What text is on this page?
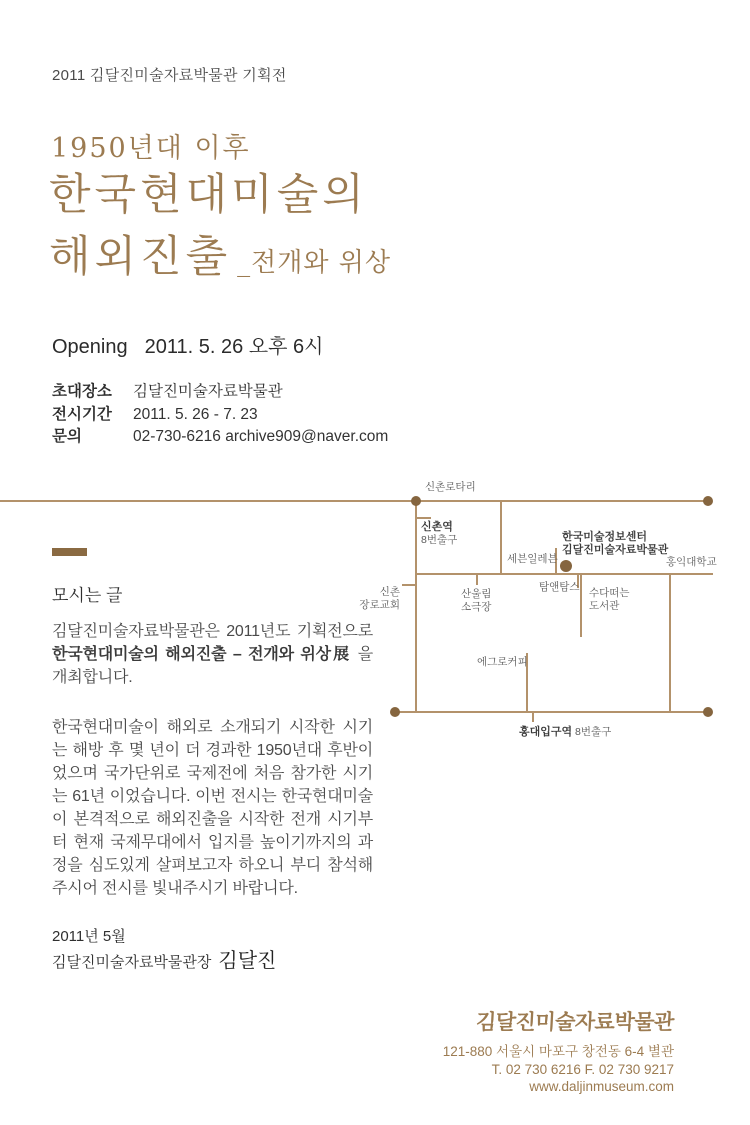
2011 김달진미술자료박물관 기획전
1950년대 이후
한국현대미술의
해외진출 _전개와 위상
Opening 2011. 5. 26 오후 6시
초대장소 김달진미술자료박물관
전시기간 2011. 5. 26 - 7. 23
문의	02-730-6216 archive909@naver.com
신촌로타리
신촌역
8번출구	한국미술정보센터
김달진미술자료박물관
세븐일레븐	홍익대학교
신촌
장로교회
산울림
소극장
탐앤탐스 수다떠는
도서관
에그로커피
홍대입구역 8번출구
모시는 글
김달진미술자료박물관은 2011년도 기획전으로 한국현대미술의 해외진출 – 전개와 위상展 을 개최합니다.
한국현대미술이 해외로 소개되기 시작한 시기는 해방 후 몇 년이 더 경과한 1950년대 후반이었으며 국가단위로 국제전에 처음 참가한 시기는 61년 이었습니다. 이번 전시는 한국현대미술이 본격적으로 해외진출을 시작한 전개 시기부터 현재 국제무대에서 입지를 높이기까지의 과정을 심도있게 살펴보고자 하오니 부디 참석해 주시어 전시를 빛내주시기 바랍니다.
2011년 5월
김달진미술자료박물관장 김달진
김달진미술자료박물관
121-880 서울시 마포구 창전동 6-4 별관
T. 02 730 6216 F. 02 730 9217
www.daljinmuseum.com
